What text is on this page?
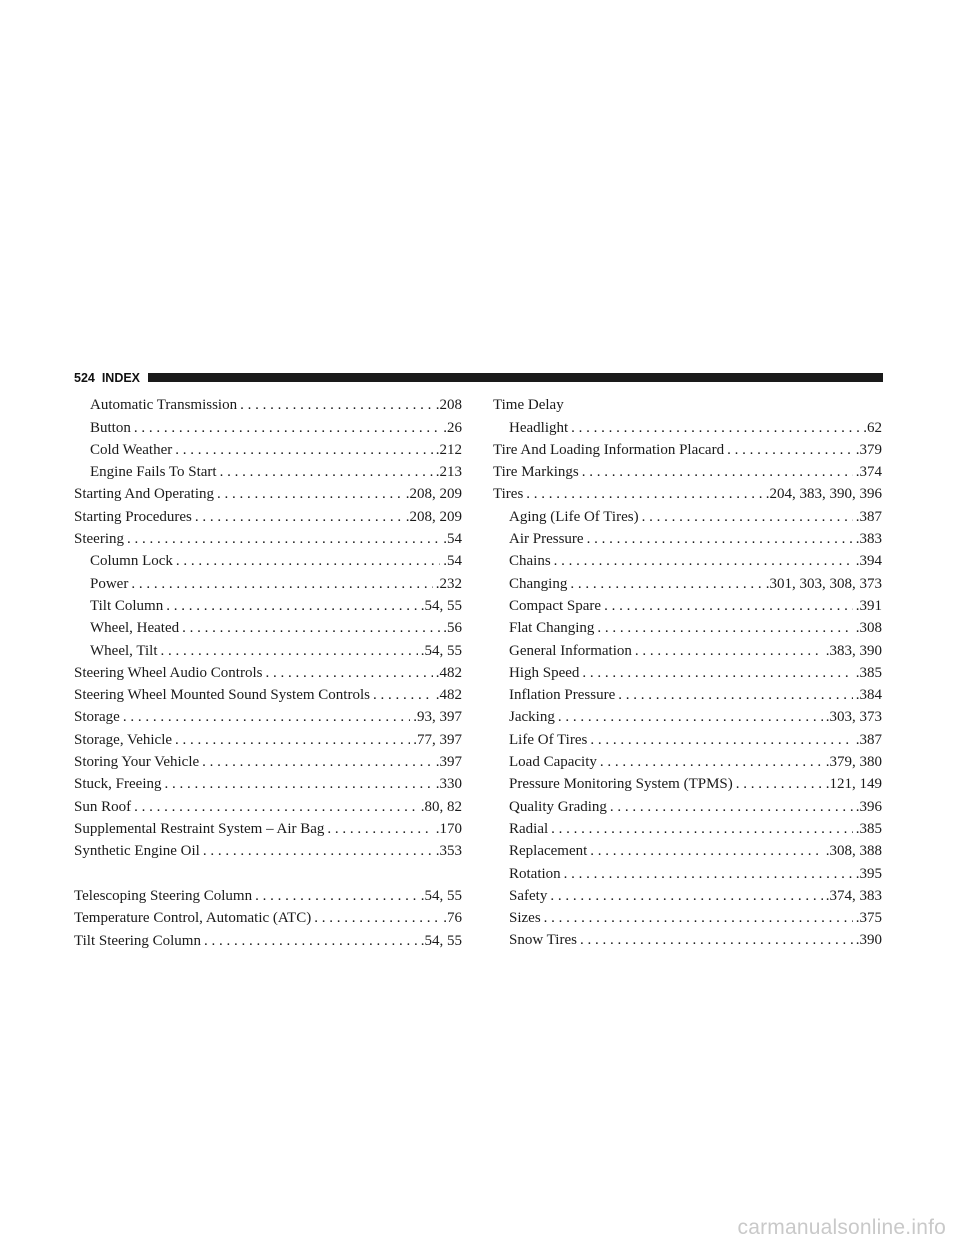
524 INDEX
Automatic Transmission . . .	.208
Button . . .	.26
Cold Weather . . .	.212
Engine Fails To Start . . .	.213
Starting And Operating . . .	.208, 209
Starting Procedures . . .	.208, 209
Steering . . .	.54
Column Lock . . .	.54
Power . . .	.232
Tilt Column . . .	.54, 55
Wheel, Heated . . .	.56
Wheel, Tilt . . .	.54, 55
Steering Wheel Audio Controls . . .	.482
Steering Wheel Mounted Sound System Controls . . .	.482
Storage . . .	.93, 397
Storage, Vehicle . . .	.77, 397
Storing Your Vehicle . . .	.397
Stuck, Freeing . . .	.330
Sun Roof . . .	.80, 82
Supplemental Restraint System – Air Bag . . .	.170
Synthetic Engine Oil . . .	.353
Telescoping Steering Column . . .	.54, 55
Temperature Control, Automatic (ATC) . . .	.76
Tilt Steering Column . . .	.54, 55
Time Delay
Headlight . . .	.62
Tire And Loading Information Placard . . .	.379
Tire Markings . . .	.374
Tires . . .	.204, 383, 390, 396
Aging (Life Of Tires) . . .	.387
Air Pressure . . .	.383
Chains . . .	.394
Changing . . .	.301, 303, 308, 373
Compact Spare . . .	.391
Flat Changing . . .	.308
General Information . . .	.383, 390
High Speed . . .	.385
Inflation Pressure . . .	.384
Jacking . . .	.303, 373
Life Of Tires . . .	.387
Load Capacity . . .	.379, 380
Pressure Monitoring System (TPMS) . . .	.121, 149
Quality Grading . . .	.396
Radial . . .	.385
Replacement . . .	.308, 388
Rotation . . .	.395
Safety . . .	.374, 383
Sizes . . .	.375
Snow Tires . . .	.390
carmanualsonline.info
